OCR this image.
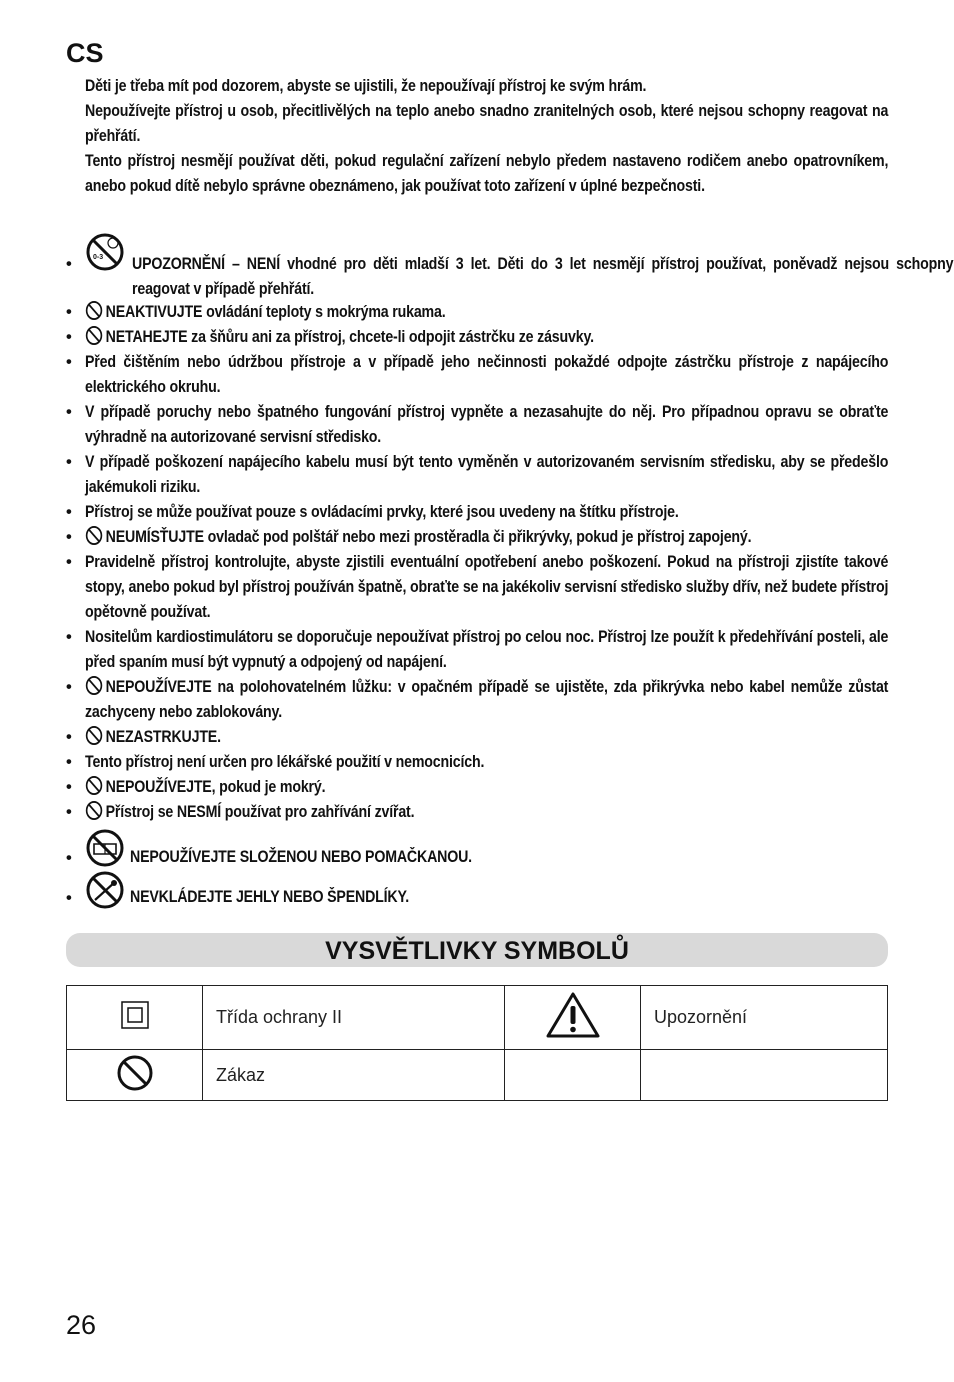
CS

Děti je třeba mít pod dozorem, abyste se ujistili, že nepoužívají přístroj ke svým hrám.

Nepoužívejte přístroj u osob, přecitlivělých na teplo anebo snadno zranitelných osob, které nejsou schopny reagovat na přehřátí.

Tento přístroj nesmějí používat děti, pokud regulační zařízení nebylo předem nastaveno rodičem anebo opatrovníkem, anebo pokud dítě nebylo správne obeznámeno, jak používat toto zařízení v úplné bezpečnosti.

•	0-3 UPOZORNĚNÍ – NENÍ vhodné pro děti mladší 3 let. Děti do 3 let nesmějí přístroj používat, poněvadž nejsou schopny reagovat v případě přehřátí.
•	NEAKTIVUJTE ovládání teploty s mokrýma rukama.
•	NETAHEJTE za šňůru ani za přístroj, chcete-li odpojit zástrčku ze zásuvky.
• Před čištěním nebo údržbou přístroje a v případě jeho nečinnosti pokaždé odpojte zástrčku přístroje z napájecího elektrického okruhu.
• V případě poruchy nebo špatného fungování přístroj vypněte a nezasahujte do něj. Pro případnou opravu se obraťte výhradně na autorizované servisní středisko.
• V případě poškození napájecího kabelu musí být tento vyměněn v autorizovaném servisním středisku, aby se předešlo jakémukoli riziku.
• Přístroj se může používat pouze s ovládacími prvky, které jsou uvedeny na štítku přístroje.
•	NEUMÍSŤUJTE ovladač pod polštář nebo mezi prostěradla či přikrývky, pokud je přístroj zapojený.
• Pravidelně přístroj kontrolujte, abyste zjistili eventuální opotřebení anebo poškození. Pokud na přístroji zjistíte takové stopy, anebo pokud byl přístroj používán špatně, obraťte se na jakékoliv servisní středisko služby dřív, než budete přístroj opětovně používat.
• Nositelům kardiostimulátoru se doporučuje nepoužívat přístroj po celou noc. Přístroj lze použít k předehřívání posteli, ale před spaním musí být vypnutý a odpojený od napájení.
•	NEPOUŽÍVEJTE na polohovatelném lůžku: v opačném případě se ujistěte, zda přikrývka nebo kabel nemůže zůstat zachyceny nebo zablokovány.
•	NEZASTRKUJTE.
• Tento přístroj není určen pro lékářské použití v nemocnicích.
•	NEPOUŽÍVEJTE, pokud je mokrý.
•	Přístroj se NESMÍ používat pro zahřívání zvířat.
•	NEPOUŽÍVEJTE SLOŽENOU NEBO POMAČKANOU.
•	NEVKLÁDEJTE JEHLY NEBO ŠPENDLÍKY.
VYSVĚTLIVKY SYMBOLŮ
	Třída ochrany II		Upozornění
	Zákaz		
26
